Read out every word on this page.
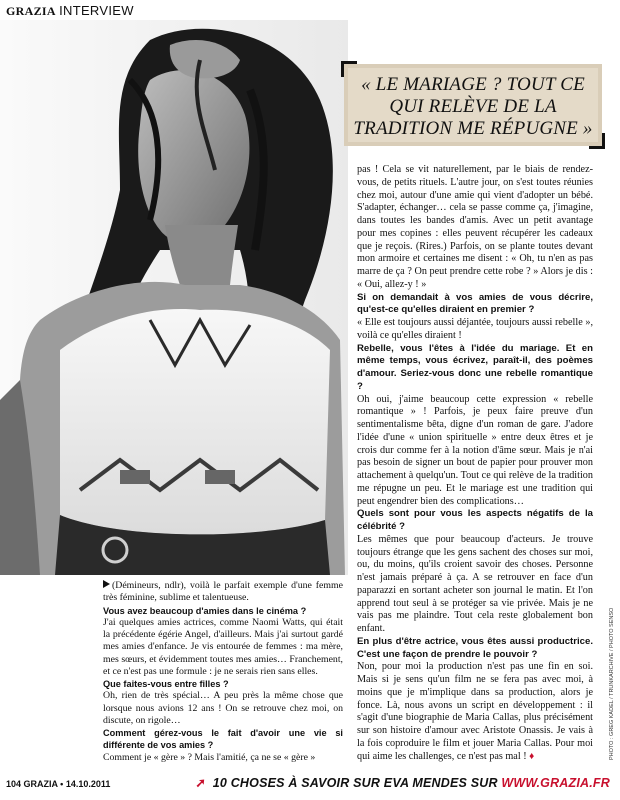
GRAZIA INTERVIEW
« LE MARIAGE ? TOUT CE QUI RELÈVE DE LA TRADITION ME RÉPUGNE »

pas ! Cela se vit naturellement, par le biais de rendez-vous, de petits rituels. L'autre jour, on s'est toutes réunies chez moi, autour d'une amie qui vient d'adopter un bébé. S'adapter, échanger… cela se passe comme ça, j'imagine, dans toutes les bandes d'amis. Avec un petit avantage pour mes copines : elles peuvent récupérer les cadeaux que je reçois. (Rires.) Parfois, on se plante toutes devant mon armoire et certaines me disent : « Oh, tu n'en as pas marre de ça ? On peut prendre cette robe ? » Alors je dis : « Oui, allez-y ! »

Si on demandait à vos amies de vous décrire, qu'est-ce qu'elles diraient en premier ?

« Elle est toujours aussi déjantée, toujours aussi rebelle », voilà ce qu'elles diraient !

Rebelle, vous l'êtes à l'idée du mariage. Et en même temps, vous écrivez, paraît-il, des poèmes d'amour. Seriez-vous donc une rebelle romantique ?

Oh oui, j'aime beaucoup cette expression « rebelle romantique » ! Parfois, je peux faire preuve d'un sentimentalisme bêta, digne d'un roman de gare. J'adore l'idée d'une « union spirituelle » entre deux êtres et je crois dur comme fer à la notion d'âme sœur. Mais je n'ai pas besoin de signer un bout de papier pour prouver mon attachement à quelqu'un. Tout ce qui relève de la tradition me répugne un peu. Et le mariage est une tradition qui peut engendrer bien des complications…

Quels sont pour vous les aspects négatifs de la célébrité ?

Les mêmes que pour beaucoup d'acteurs. Je trouve toujours étrange que les gens sachent des choses sur moi, ou, du moins, qu'ils croient savoir des choses. Personne n'est jamais préparé à ça. A se retrouver en face d'un paparazzi en sortant acheter son journal le matin. Et l'on apprend tout seul à se protéger sa vie privée. Mais je ne vais pas me plaindre. Tout cela reste globalement bon enfant.

En plus d'être actrice, vous êtes aussi productrice. C'est une façon de prendre le pouvoir ?

Non, pour moi la production n'est pas une fin en soi. Mais si je sens qu'un film ne se fera pas avec moi, à moins que je m'implique dans sa production, alors je fonce. Là, nous avons un script en développement : il s'agit d'une biographie de Maria Callas, plus précisément sur son histoire d'amour avec Aristote Onassis. Je vais à la fois coproduire le film et jouer Maria Callas. Pour moi qui aime les challenges, ce n'est pas mal ! ♦

(Démineurs, ndlr), voilà le parfait exemple d'une femme très féminine, sublime et talentueuse.

Vous avez beaucoup d'amies dans le cinéma ?

J'ai quelques amies actrices, comme Naomi Watts, qui était la précédente égérie Angel, d'ailleurs. Mais j'ai surtout gardé mes amies d'enfance. Je vis entourée de femmes : ma mère, mes sœurs, et évidemment toutes mes amies… Franchement, et ce n'est pas une formule : je ne serais rien sans elles.

Que faites-vous entre filles ?

Oh, rien de très spécial… A peu près la même chose que lorsque nous avions 12 ans ! On se retrouve chez moi, on discute, on rigole…

Comment gérez-vous le fait d'avoir une vie si différente de vos amies ?

Comment je « gère » ? Mais l'amitié, ça ne se « gère »	PHOTO : GREG KADEL / TRUNKARCHIVE / PHOTO SENSO
104 GRAZIA • 14.10.2011	➚ 10 CHOSES À SAVOIR SUR EVA MENDES SUR WWW.GRAZIA.FR
